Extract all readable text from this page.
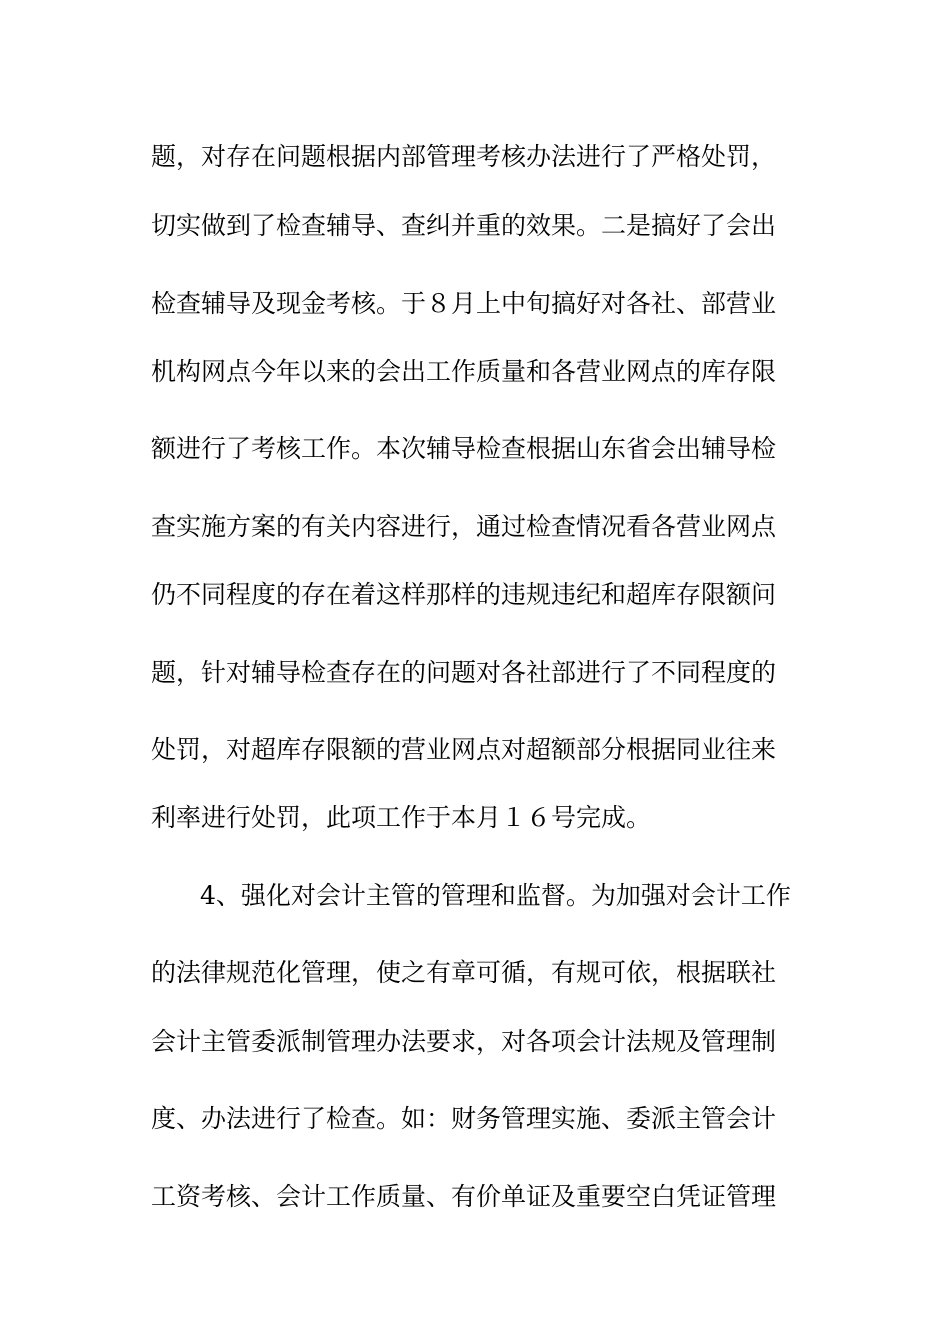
题，对存在问题根据内部管理考核办法进行了严格处罚，
切实做到了检查辅导、查纠并重的效果。二是搞好了会出
检查辅导及现金考核。于８月上中旬搞好对各社、部营业
机构网点今年以来的会出工作质量和各营业网点的库存限
额进行了考核工作。本次辅导检查根据山东省会出辅导检
查实施方案的有关内容进行，通过检查情况看各营业网点
仍不同程度的存在着这样那样的违规违纪和超库存限额问
题，针对辅导检查存在的问题对各社部进行了不同程度的
处罚，对超库存限额的营业网点对超额部分根据同业往来
利率进行处罚，此项工作于本月１６号完成。
4、强化对会计主管的管理和监督。为加强对会计工作
的法律规范化管理，使之有章可循，有规可依，根据联社
会计主管委派制管理办法要求，对各项会计法规及管理制
度、办法进行了检查。如：财务管理实施、委派主管会计
工资考核、会计工作质量、有价单证及重要空白凭证管理
